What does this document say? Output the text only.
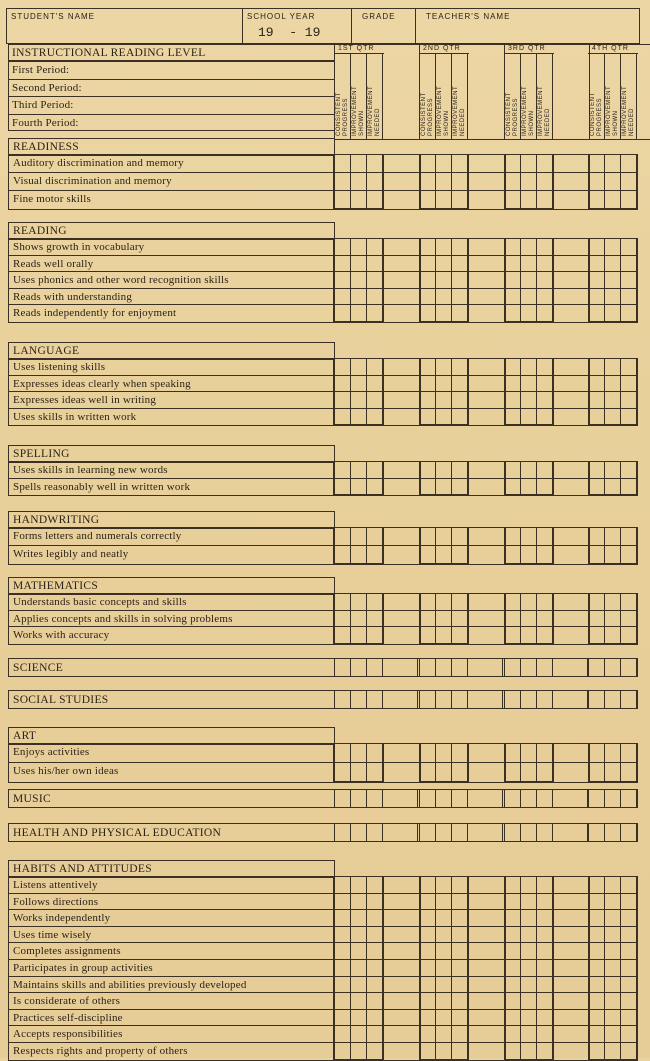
STUDENT'S NAME	SCHOOL YEAR
19  - 19
GRADE	TEACHER'S NAME
INSTRUCTIONAL READING LEVEL
First Period:
Second Period:
Third Period:
Fourth Period:
1ST QTR
CONSISTENT
PROGRESS IMPROVEMENT
SHOWN IMPROVEMENT
NEEDED
2ND QTR
CONSISTENT
PROGRESS IMPROVEMENT
SHOWN IMPROVEMENT
NEEDED
3RD QTR
CONSISTENT
PROGRESS IMPROVEMENT
SHOWN IMPROVEMENT
NEEDED
4TH QTR
CONSISTENT
PROGRESS IMPROVEMENT
SHOWN IMPROVEMENT
NEEDED
READINESS
Auditory discrimination and memory
Visual discrimination and memory
Fine motor skills
READING
Shows growth in vocabulary
Reads well orally
Uses phonics and other word recognition skills
Reads with understanding
Reads independently for enjoyment
LANGUAGE
Uses listening skills
Expresses ideas clearly when speaking
Expresses ideas well in writing
Uses skills in written work
SPELLING
Uses skills in learning new words
Spells reasonably well in written work
HANDWRITING
Forms letters and numerals correctly
Writes legibly and neatly
MATHEMATICS
Understands basic concepts and skills
Applies concepts and skills in solving problems
Works with accuracy
SCIENCE
SOCIAL STUDIES
ART
Enjoys activities
Uses his/her own ideas
MUSIC
HEALTH AND PHYSICAL EDUCATION
HABITS AND ATTITUDES
Listens attentively
Follows directions
Works independently
Uses time wisely
Completes assignments
Participates in group activities
Maintains skills and abilities previously developed
Is considerate of others
Practices self-discipline
Accepts responsibilities
Respects rights and property of others
